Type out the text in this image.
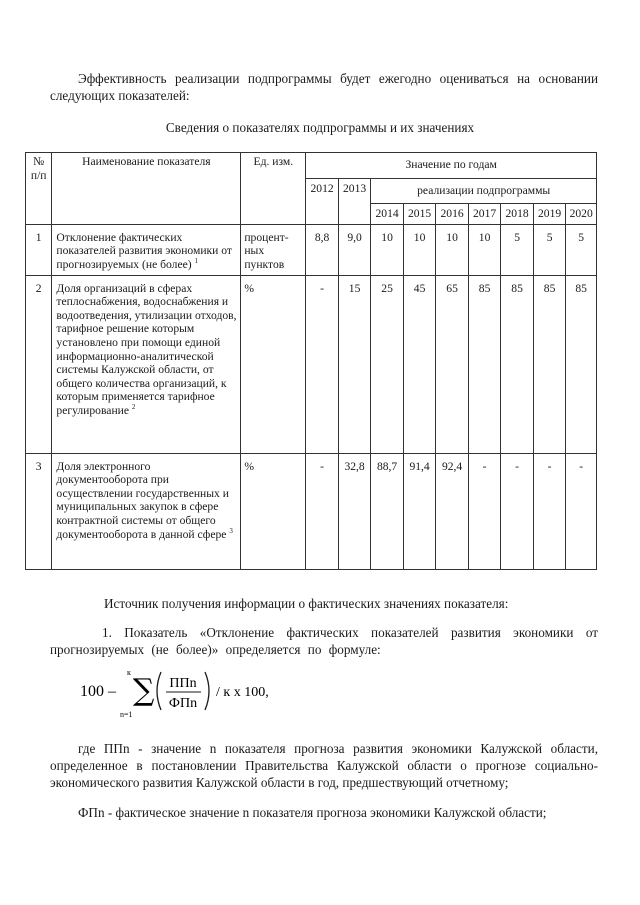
Эффективность реализации подпрограммы будет ежегодно оцениваться на основании следующих показателей:

Сведения о показателях подпрограммы и их значениях

№ п/п	Наименование показателя	Ед. изм.	Значение по годам								
			2012	2013	реализации подпрограммы						
					2014	2015	2016	2017	2018	2019	2020
1	Отклонение фактических показателей развития экономики от прогнозируемых (не более) $^1$	процент-ных пунктов	8,8	9,0	10	10	10	10	5	5	5
2	Доля организаций в сферах теплоснабжения, водоснабжения и водоотведения, утилизации отходов, тарифное решение которым установлено при помощи единой информационно-аналитической системы Калужской области, от общего количества организаций, к которым применяется тарифное регулирование $^2$	%	-	15	25	45	65	85	85	85	85
3	Доля электронного документооборота при осуществлении государственных и муниципальных закупок в сфере контрактной системы от общего документооборота в данной сфере $^3$	%	-	32,8	88,7	91,4	92,4	-	-	-	-

Источник получения информации о фактических значениях показателя:

1. Показатель «Отклонение фактических показателей развития экономики от прогнозируемых (не более)» определяется по формуле:

100 –
к
∑
n=1
ППn
ФПn
/ к х 100,

где ППn - значение n показателя прогноза развития экономики Калужской области, определенное в постановлении Правительства Калужской области о прогнозе социально-экономического развития Калужской области в год, предшествующий отчетному;

ФПn - фактическое значение n показателя прогноза экономики Калужской области;
